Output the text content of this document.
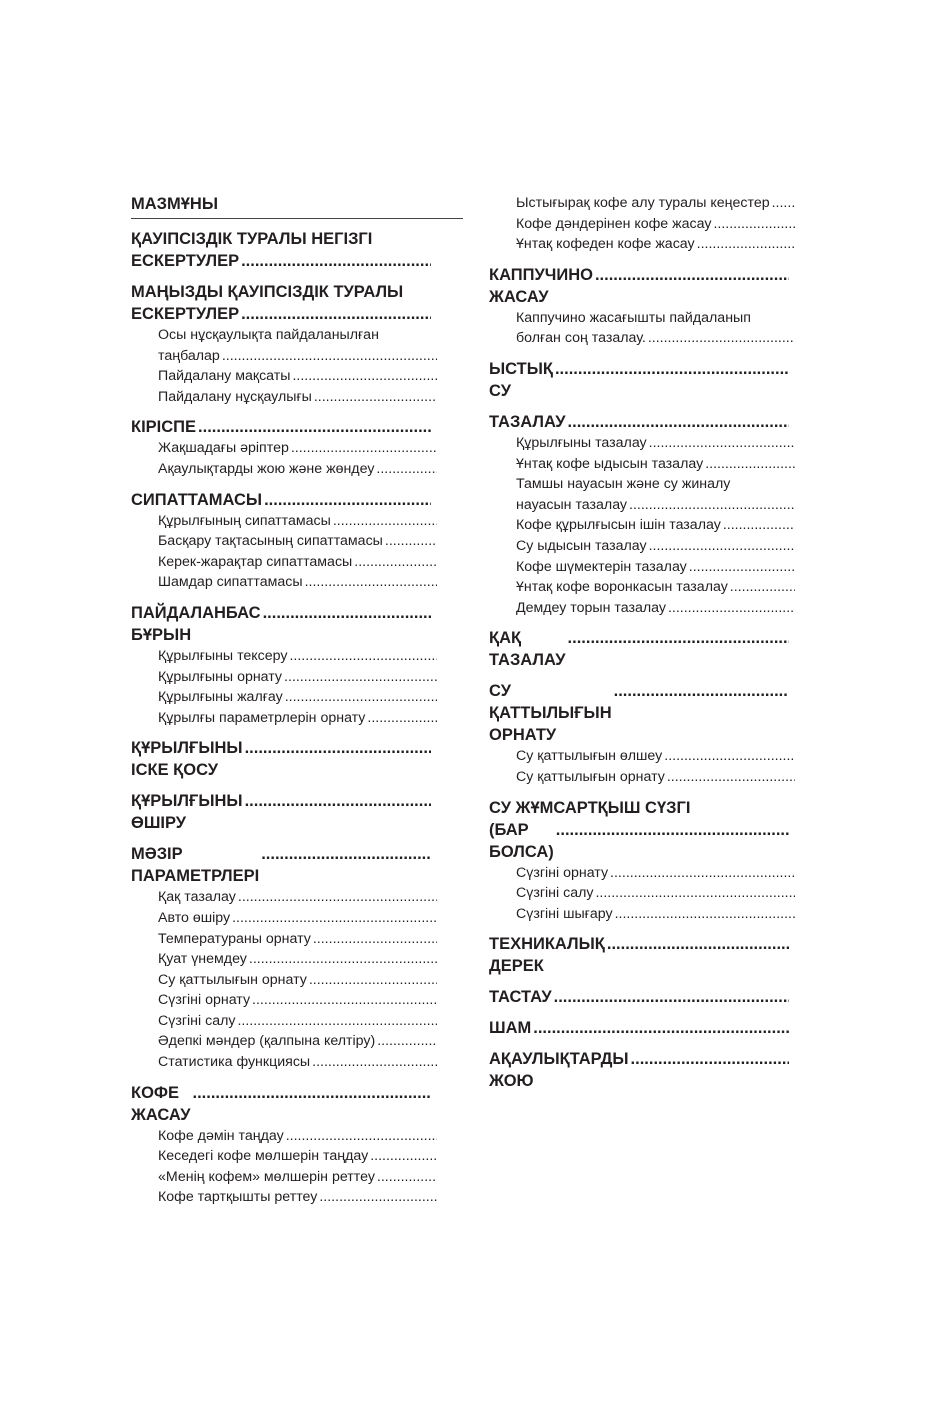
МАЗМҰНЫ
ҚАУІПСІЗДІК ТУРАЛЫ НЕГІЗГІ
ЕСКЕРТУЛЕР
.....
МАҢЫЗДЫ ҚАУІПСІЗДІК ТУРАЛЫ
ЕСКЕРТУЛЕР
.....
Осы нұсқаулықта пайдаланылған
таңбалар
.....
Пайдалану мақсаты
.....
Пайдалану нұсқаулығы
.....
КІРІСПЕ
.....
Жақшадағы әріптер
.....
Ақаулықтарды жою және жөндеу
.....
СИПАТТАМАСЫ
.....
Құрылғының сипаттамасы
.....
Басқару тақтасының сипаттамасы
.....
Керек-жарақтар сипаттамасы
.....
Шамдар сипаттамасы
.....
ПАЙДАЛАНБАС БҰРЫН
.....
Құрылғыны тексеру
.....
Құрылғыны орнату
.....
Құрылғыны жалғау
.....
Құрылғы параметрлерін орнату
.....
ҚҰРЫЛҒЫНЫ ІСКЕ ҚОСУ
.....
ҚҰРЫЛҒЫНЫ ӨШІРУ
.....
МӘЗІР ПАРАМЕТРЛЕРІ
.....
Қақ тазалау
.....
Авто өшіру
.....
Температураны орнату
.....
Қуат үнемдеу
.....
Су қаттылығын орнату
.....
Сүзгіні орнату
.....
Сүзгіні салу
.....
Әдепкі мәндер (қалпына келтіру)
.....
Статистика функциясы
.....
КОФЕ ЖАСАУ
.....
Кофе дәмін таңдау
.....
Кеседегі кофе мөлшерін таңдау
.....
«Менің кофем» мөлшерін реттеу
.....
Кофе тартқышты реттеу
.....
Ыстығырақ кофе алу туралы кеңестер
.....
Кофе дәндерінен кофе жасау
.....
Ұнтақ кофеден кофе жасау
.....
КАППУЧИНО ЖАСАУ
.....
Каппучино жасағышты пайдаланып
болған соң тазалау.
.....
ЫСТЫҚ СУ
.....
ТАЗАЛАУ
.....
Құрылғыны тазалау
.....
Ұнтақ кофе ыдысын тазалау
.....
Тамшы науасын және су жиналу
науасын тазалау
.....
Кофе құрылғысын ішін тазалау
.....
Су ыдысын тазалау
.....
Кофе шүмектерін тазалау
.....
Ұнтақ кофе воронкасын тазалау
.....
Демдеу торын тазалау
.....
ҚАҚ ТАЗАЛАУ
.....
СУ ҚАТТЫЛЫҒЫН ОРНАТУ
.....
Су қаттылығын өлшеу
.....
Су қаттылығын орнату
.....
СУ ЖҰМСАРТҚЫШ СҮЗГІ
(БАР БОЛСА)
.....
Сүзгіні орнату
.....
Сүзгіні салу
.....
Сүзгіні шығару
.....
ТЕХНИКАЛЫҚ ДЕРЕК
.....
ТАСТАУ
.....
ШАМ
.....
АҚАУЛЫҚТАРДЫ ЖОЮ
.....
